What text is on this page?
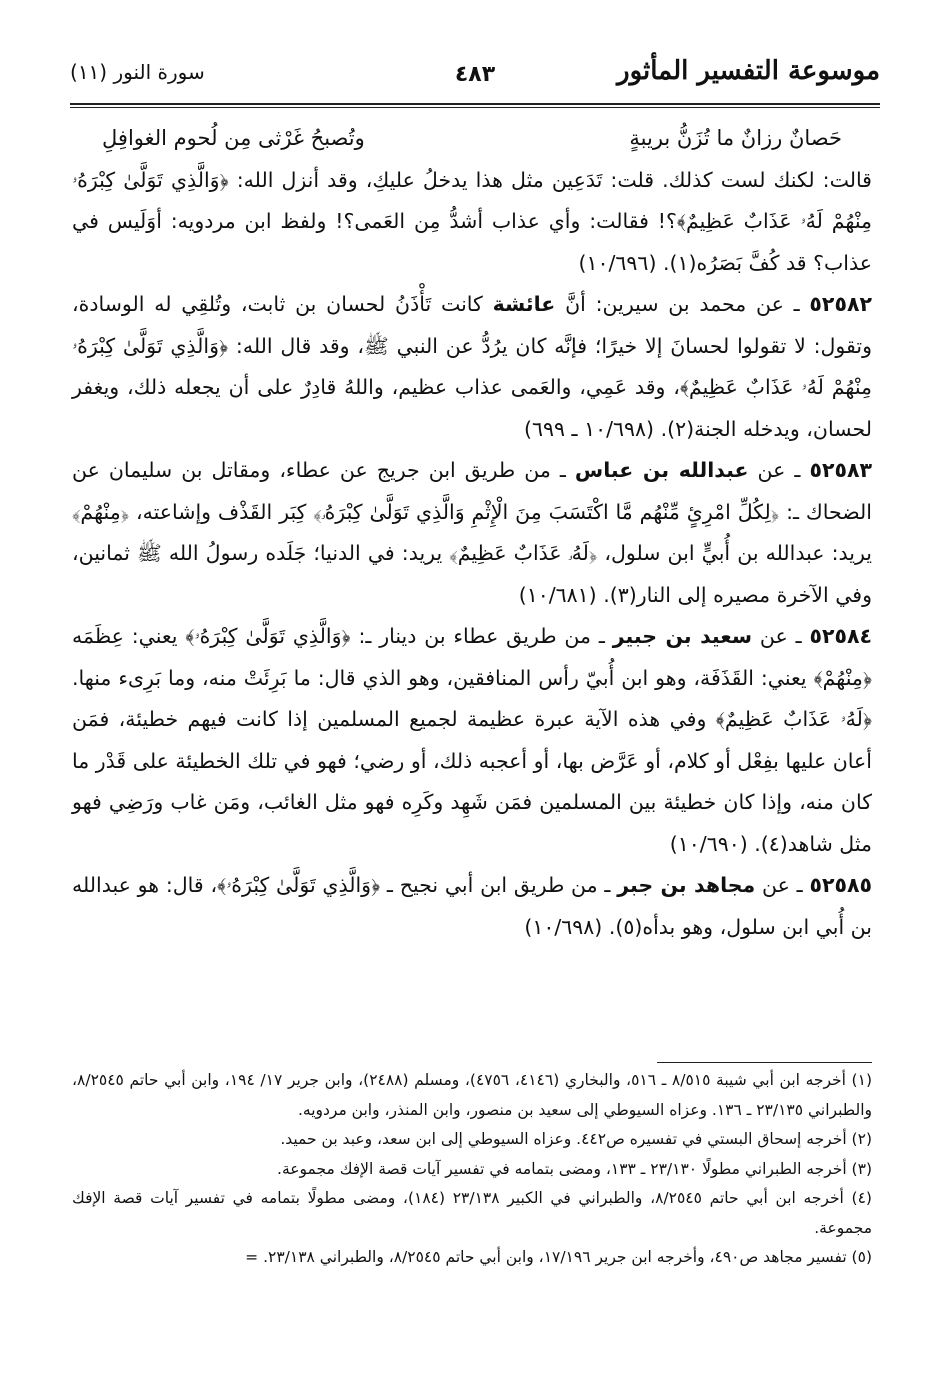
موسوعة التفسير المأثور
٤٨٣
سورة النور (١١)
حَصانٌ رزانٌ ما تُزَنُّ بريبةٍ
وتُصبحُ غَرْثى مِن لُحوم الغوافِلِ

قالت: لكنك لست كذلك. قلت: تَدَعِين مثل هذا يدخلُ عليكِ، وقد أنزل الله: ﴿وَالَّذِي تَوَلَّىٰ كِبْرَهُۥ مِنْهُمْ لَهُۥ عَذَابٌ عَظِيمٌ﴾؟! فقالت: وأي عذاب أشدُّ مِن العَمى؟! ولفظ ابن مردويه: أوَلَيس في عذاب؟ قد كُفَّ بَصَرُه(١). (١٠/٦٩٦)

٥٢٥٨٢ ـ عن محمد بن سيرين: أنَّ عائشة كانت تَأْذَنُ لحسان بن ثابت، وتُلقِي له الوسادة، وتقول: لا تقولوا لحسانَ إلا خيرًا؛ فإنَّه كان يرُدُّ عن النبي ﷺ، وقد قال الله: ﴿وَالَّذِي تَوَلَّىٰ كِبْرَهُۥ مِنْهُمْ لَهُۥ عَذَابٌ عَظِيمٌ﴾، وقد عَمِي، والعَمى عذاب عظيم، واللهُ قادِرٌ على أن يجعله ذلك، ويغفر لحسان، ويدخله الجنة(٢). (١٠/٦٩٨ ـ ٦٩٩)

٥٢٥٨٣ ـ عن عبدالله بن عباس ـ من طريق ابن جريج عن عطاء، ومقاتل بن سليمان عن الضحاك ـ: ﴿لِكُلِّ امْرِئٍ مِّنْهُم مَّا اكْتَسَبَ مِنَ الْإِثْمِ وَالَّذِي تَوَلَّىٰ كِبْرَهُۥ﴾ كِبَر القَذْف وإشاعته، ﴿مِنْهُمْ﴾ يريد: عبدالله بن أُبيٍّ ابن سلول، ﴿لَهُۥ عَذَابٌ عَظِيمٌ﴾ يريد: في الدنيا؛ جَلَده رسولُ الله ﷺ ثمانين، وفي الآخرة مصيره إلى النار(٣). (١٠/٦٨١)

٥٢٥٨٤ ـ عن سعيد بن جبير ـ من طريق عطاء بن دينار ـ: ﴿وَالَّذِي تَوَلَّىٰ كِبْرَهُۥ﴾ يعني: عِظَمَه ﴿مِنْهُمْ﴾ يعني: القَذَفَة، وهو ابن أُبيّ رأس المنافقين، وهو الذي قال: ما بَرِئَتْ منه، وما بَرِىء منها. ﴿لَهُۥ عَذَابٌ عَظِيمٌ﴾ وفي هذه الآية عبرة عظيمة لجميع المسلمين إذا كانت فيهم خطيئة، فمَن أعان عليها بفِعْل أو كلام، أو عَرَّض بها، أو أعجبه ذلك، أو رضي؛ فهو في تلك الخطيئة على قَدْر ما كان منه، وإذا كان خطيئة بين المسلمين فمَن شَهِد وكَرِه فهو مثل الغائب، ومَن غاب ورَضِي فهو مثل شاهد(٤). (١٠/٦٩٠)

٥٢٥٨٥ ـ عن مجاهد بن جبر ـ من طريق ابن أبي نجيح ـ ﴿وَالَّذِي تَوَلَّىٰ كِبْرَهُۥ﴾، قال: هو عبدالله بن أُبي ابن سلول، وهو بدأه(٥). (١٠/٦٩٨)

(١) أخرجه ابن أبي شيبة ٨/٥١٥ ـ ٥١٦، والبخاري (٤١٤٦، ٤٧٥٦)، ومسلم (٢٤٨٨)، وابن جرير ١٧/ ١٩٤، وابن أبي حاتم ٨/٢٥٤٥، والطبراني ٢٣/١٣٥ ـ ١٣٦. وعزاه السيوطي إلى سعيد بن منصور، وابن المنذر، وابن مردويه.

(٢) أخرجه إسحاق البستي في تفسيره ص٤٤٢. وعزاه السيوطي إلى ابن سعد، وعبد بن حميد.

(٣) أخرجه الطبراني مطولًا ٢٣/١٣٠ ـ ١٣٣، ومضى بتمامه في تفسير آيات قصة الإفك مجموعة.

(٤) أخرجه ابن أبي حاتم ٨/٢٥٤٥، والطبراني في الكبير ٢٣/١٣٨ (١٨٤)، ومضى مطولًا بتمامه في تفسير آيات قصة الإفك مجموعة.

(٥) تفسير مجاهد ص٤٩٠، وأخرجه ابن جرير ١٧/١٩٦، وابن أبي حاتم ٨/٢٥٤٥، والطبراني ٢٣/١٣٨. =
